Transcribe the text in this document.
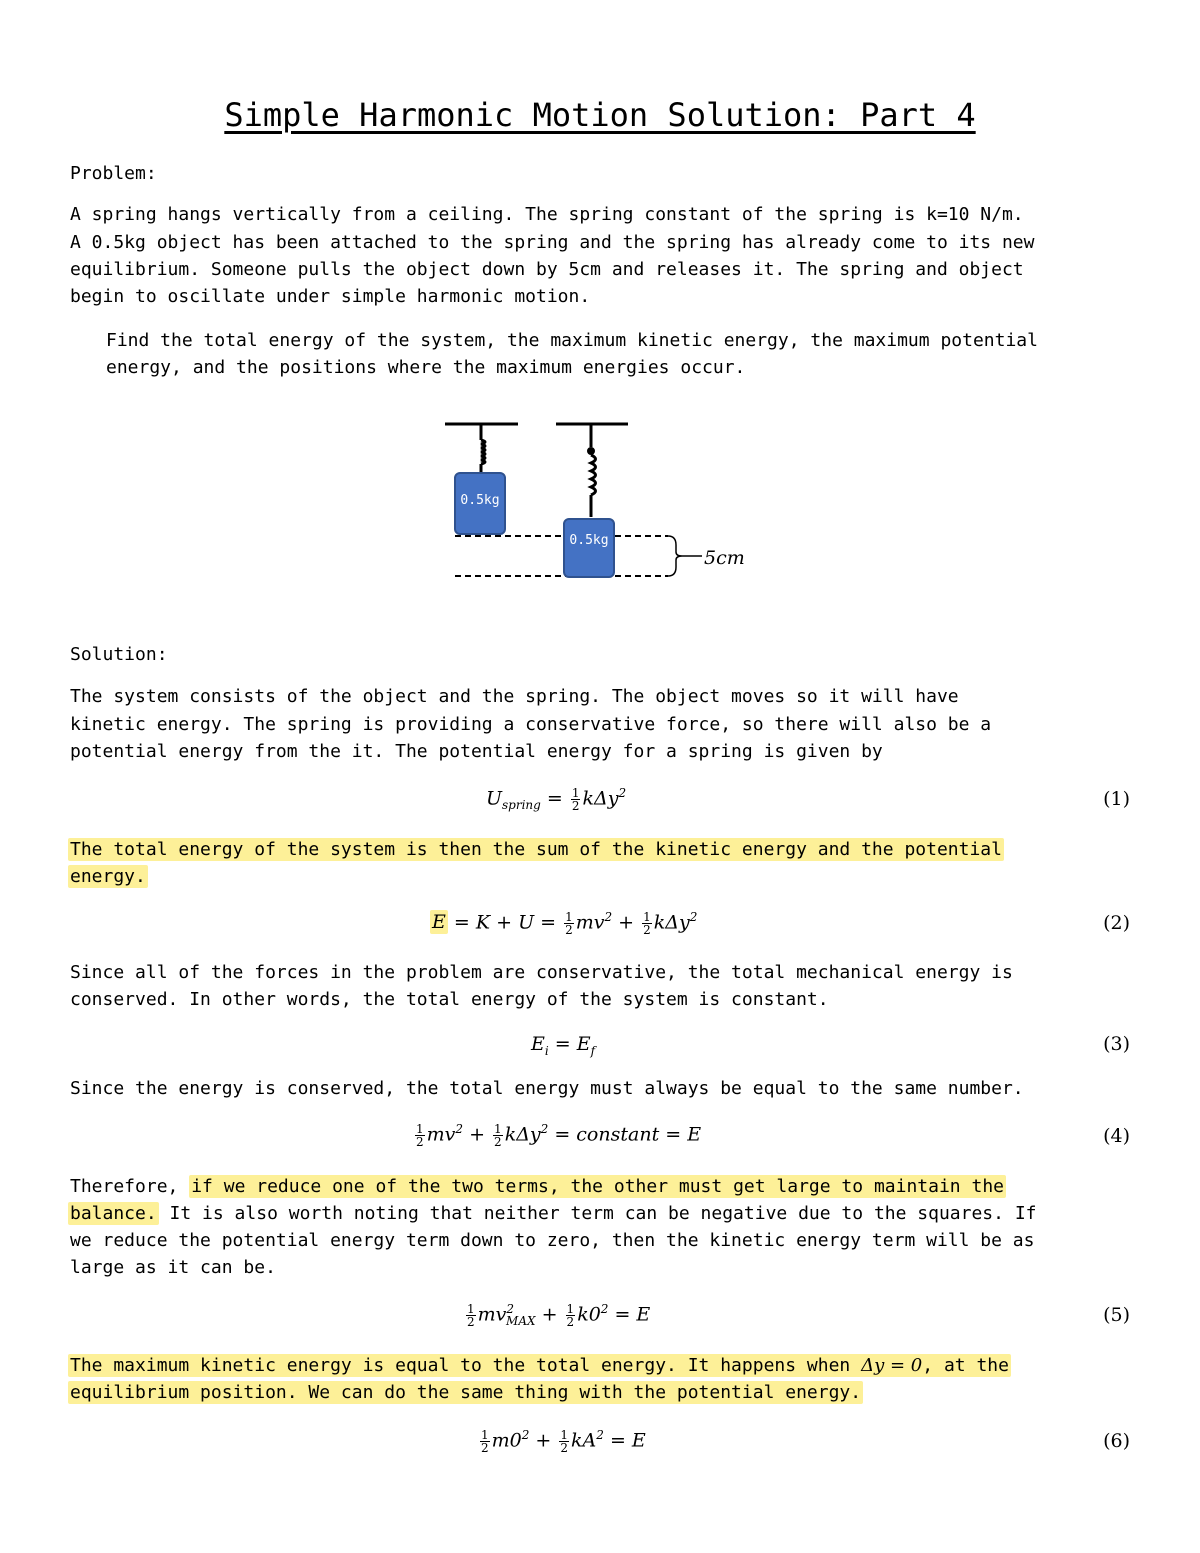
Simple Harmonic Motion Solution: Part 4
Problem:
A spring hangs vertically from a ceiling. The spring constant of the spring is k=10 N/m.
A 0.5kg object has been attached to the spring and the spring has already come to its new
equilibrium. Someone pulls the object down by 5cm and releases it. The spring and object
begin to oscillate under simple harmonic motion.
Find the total energy of the system, the maximum kinetic energy, the maximum potential
energy, and the positions where the maximum energies occur.
0.5kg
0.5kg
5cm
Solution:
The system consists of the object and the spring. The object moves so it will have
kinetic energy. The spring is providing a conservative force, so there will also be a
potential energy from the it. The potential energy for a spring is given by
$U_{spring} = \frac{1}{2} k\Delta y^2$	(1)
The total energy of the system is then the sum of the kinetic energy and the potential
energy.
$E = K + U = \frac{1}{2} mv^2 + \frac{1}{2} k\Delta y^2$	(2)
Since all of the forces in the problem are conservative, the total mechanical energy is
conserved. In other words, the total energy of the system is constant.
$E_i = E_f$	(3)
Since the energy is conserved, the total energy must always be equal to the same number.
$\frac{1}{2} mv^2 + \frac{1}{2} k\Delta y^2$ = constant = E	(4)
Therefore, if we reduce one of the two terms, the other must get large to maintain the
balance. It is also worth noting that neither term can be negative due to the squares. If
we reduce the potential energy term down to zero, then the kinetic energy term will be as
large as it can be.
$\frac{1}{2} mv^2_{MAX} + \frac{1}{2} k0^2 = E$	(5)
The maximum kinetic energy is equal to the total energy. It happens when Δy = 0, at the
equilibrium position. We can do the same thing with the potential energy.
$\frac{1}{2} m0^2 + \frac{1}{2} kA^2 = E$	(6)
